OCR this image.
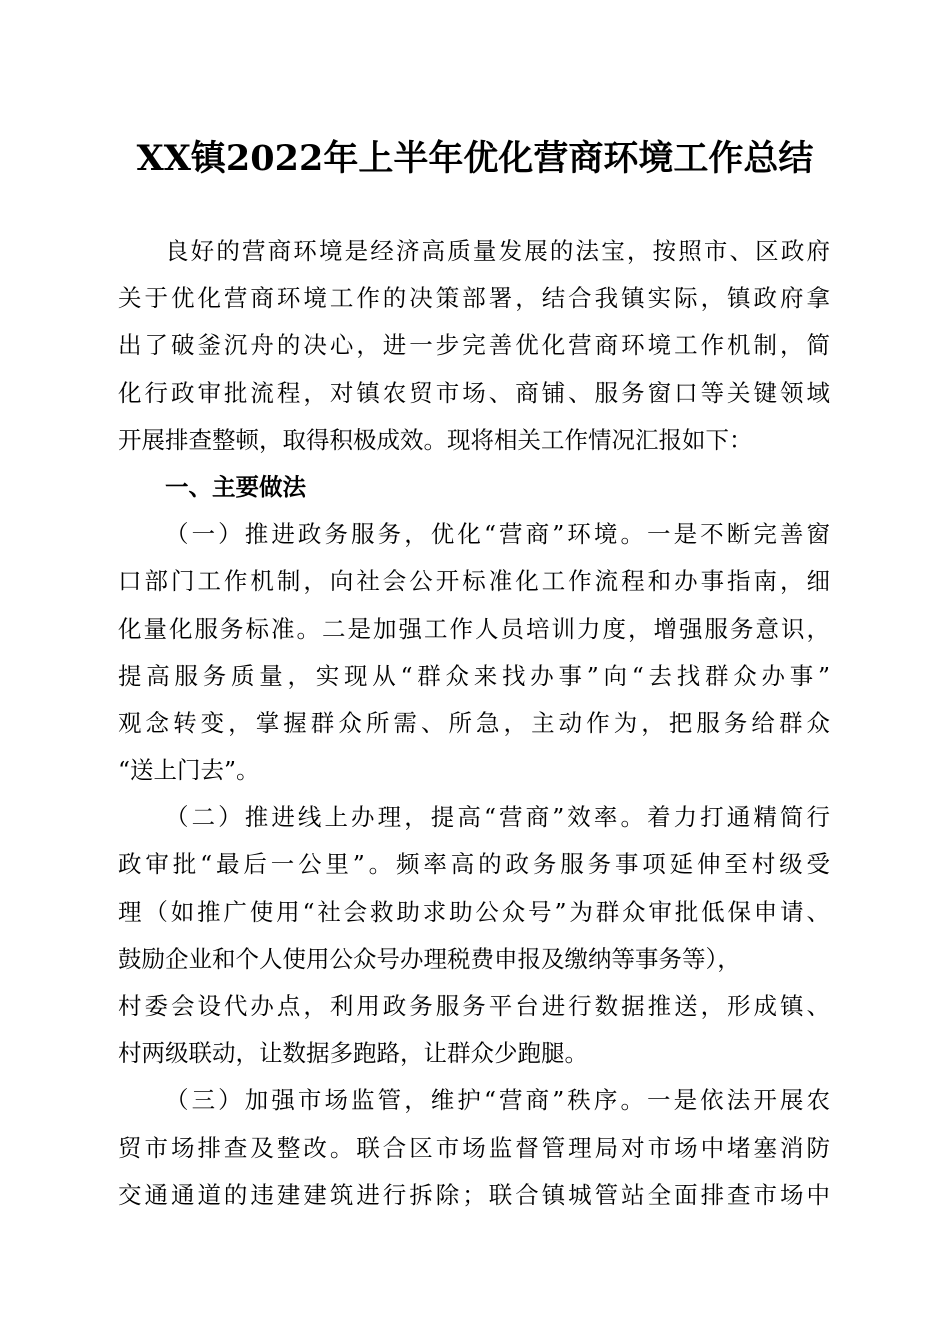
XX镇2022年上半年优化营商环境工作总结
良好的营商环境是经济高质量发展的法宝，按照市、区政府
关于优化营商环境工作的决策部署，结合我镇实际，镇政府拿
出了破釜沉舟的决心，进一步完善优化营商环境工作机制，简
化行政审批流程，对镇农贸市场、商铺、服务窗口等关键领域
开展排查整顿，取得积极成效。现将相关工作情况汇报如下：
一、主要做法
（一）推进政务服务，优化“营商”环境。一是不断完善窗
口部门工作机制，向社会公开标准化工作流程和办事指南，细
化量化服务标准。二是加强工作人员培训力度，增强服务意识，
提高服务质量，实现从“群众来找办事”向“去找群众办事”
观念转变，掌握群众所需、所急，主动作为，把服务给群众
“送上门去”。
（二）推进线上办理，提高“营商”效率。着力打通精简行
政审批“最后一公里”。频率高的政务服务事项延伸至村级受
理（如推广使用“社会救助求助公众号”为群众审批低保申请、
鼓励企业和个人使用公众号办理税费申报及缴纳等事务等），
村委会设代办点，利用政务服务平台进行数据推送，形成镇、
村两级联动，让数据多跑路，让群众少跑腿。
（三）加强市场监管，维护“营商”秩序。一是依法开展农
贸市场排查及整改。联合区市场监督管理局对市场中堵塞消防
交通通道的违建建筑进行拆除；联合镇城管站全面排查市场中
